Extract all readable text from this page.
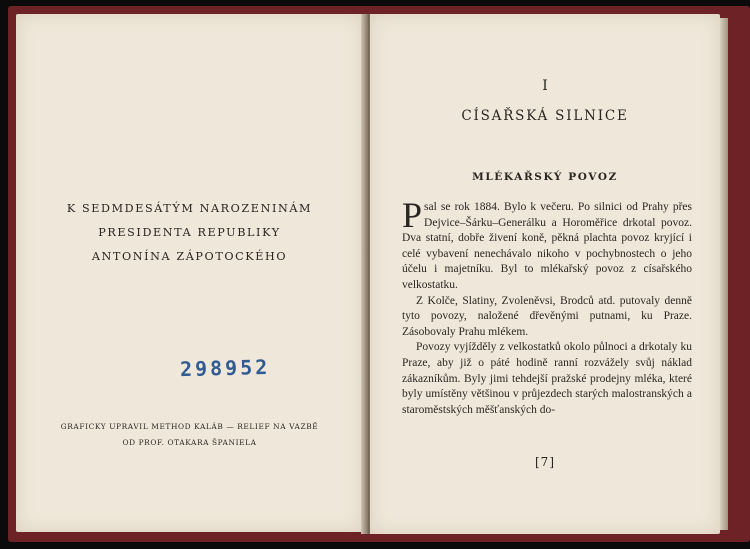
K SEDMDESÁTÝM NAROZENINÁM
PRESIDENTA REPUBLIKY
ANTONÍNA ZÁPOTOCKÉHO
298952
GRAFICKY UPRAVIL METHOD KALÁB — RELIEF NA VAZBĚ
OD PROF. OTAKARA ŠPANIELA
I
CÍSAŘSKÁ SILNICE
MLÉKAŘSKÝ POVOZ

Psal se rok 1884. Bylo k večeru. Po silnici od Prahy přes Dejvice–Šárku–Generálku a Horoměřice drkotal povoz. Dva statní, dobře živení koně, pěkná plachta povoz kryjící i celé vybavení nenechávalo nikoho v pochybnostech o jeho účelu i majetníku. Byl to mlékařský povoz z císařského velkostatku.

Z Kolče, Slatiny, Zvoleněvsi, Brodců atd. putovaly denně tyto povozy, naložené dřevěnými putnami, ku Praze. Zásobovaly Prahu mlékem.

Povozy vyjížděly z velkostatků okolo půlnoci a drkotaly ku Praze, aby již o páté hodině ranní rozvážely svůj náklad zákazníkům. Byly jimi tehdejší pražské prodejny mléka, které byly umístěny většinou v průjezdech starých malostranských a staroměstských měšťanských do-

[7]
